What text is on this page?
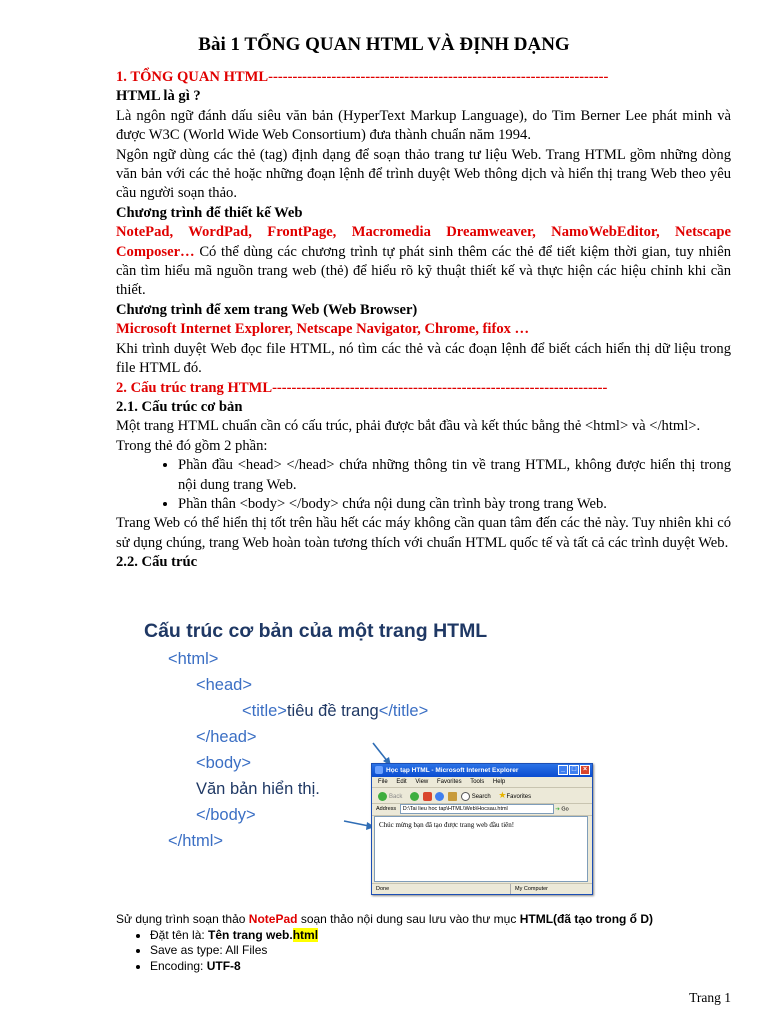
Bài 1 TỔNG QUAN HTML VÀ ĐỊNH DẠNG

1. TỔNG QUAN HTML----------------------------------------------------------------------

HTML là gì ?

Là ngôn ngữ đánh dấu siêu văn bản (HyperText Markup Language), do Tim Berner Lee phát minh và được W3C (World Wide Web Consortium) đưa thành chuẩn năm 1994.

Ngôn ngữ dùng các thẻ (tag) định dạng để soạn thảo trang tư liệu Web. Trang HTML gồm những dòng văn bản với các thẻ hoặc những đoạn lệnh để trình duyệt Web thông dịch và hiển thị trang Web theo yêu cầu người soạn thảo.

Chương trình để thiết kế Web

NotePad, WordPad, FrontPage, Macromedia Dreamweaver, NamoWebEditor, Netscape Composer… Có thể dùng các chương trình tự phát sinh thêm các thẻ để tiết kiệm thời gian, tuy nhiên cần tìm hiểu mã nguồn trang web (thẻ) để hiểu rõ kỹ thuật thiết kế và thực hiện các hiệu chỉnh khi cần thiết.

Chương trình để xem trang Web (Web Browser)

Microsoft Internet Explorer, Netscape Navigator, Chrome, fifox …

Khi trình duyệt Web đọc file HTML, nó tìm các thẻ và các đoạn lệnh để biết cách hiển thị dữ liệu trong file HTML đó.

2. Cấu trúc trang HTML---------------------------------------------------------------------

2.1. Cấu trúc cơ bản

Một trang HTML chuẩn cần có cấu trúc, phải được bắt đầu và kết thúc bằng thẻ <html> và </html>.

Trong thẻ đó gồm 2 phần:

• Phần đầu <head> </head> chứa những thông tin về trang HTML, không được hiển thị trong nội dung trang Web.
• Phần thân <body> </body> chứa nội dung cần trình bày trong trang Web.

Trang Web có thể hiển thị tốt trên hầu hết các máy không cần quan tâm đến các thẻ này. Tuy nhiên khi có sử dụng chúng, trang Web hoàn toàn tương thích với chuẩn HTML quốc tế và tất cả các trình duyệt Web.

2.2. Cấu trúc

Cấu trúc cơ bản của một trang HTML
<html>
<head>
<title>tiêu đề trang</title>
</head>
<body>
Văn bản hiển thị.
</body>
</html>
Học tạp HTML - Microsoft Internet Explorer	_ □ ×
File Edit View Favorites Tools Help
Back	Search ★Favorites
Address D:\Tai lieu hoc tap\HTML\Web\Hocsau.html	➔ Go
Chúc mừng bạn đã tạo được trang web đầu tiên!
Done	My Computer
Sử dụng trình soạn thảo NotePad soạn thảo nội dung sau lưu vào thư mục HTML(đã tạo trong ổ D)
• Đặt tên là: Tên trang web.html
• Save as type: All Files
• Encoding: UTF-8
Trang 1
